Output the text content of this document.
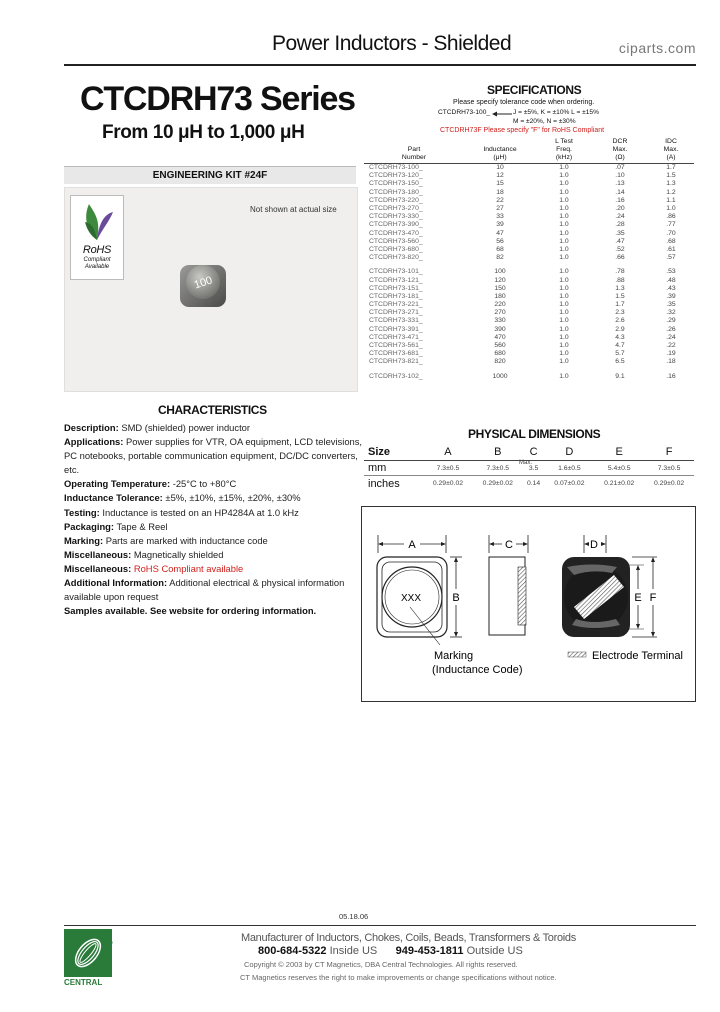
Power Inductors - Shielded	ciparts.com
CTCDRH73 Series
From 10 μH to 1,000 μH
ENGINEERING KIT #24F
RoHS
Compliant Available
Not shown at actual size
100
CHARACTERISTICS
Description: SMD (shielded) power inductor
Applications: Power supplies for VTR, OA equipment, LCD televisions, PC notebooks, portable communication equipment, DC/DC converters, etc.
Operating Temperature: -25°C to +80°C
Inductance Tolerance: ±5%, ±10%, ±15%, ±20%, ±30%
Testing: Inductance is tested on an HP4284A at 1.0 kHz
Packaging: Tape & Reel
Marking: Parts are marked with inductance code
Miscellaneous: Magnetically shielded
Miscellaneous: RoHS Compliant available
Additional Information: Additional electrical & physical information available upon request
Samples available. See website for ordering information.
SPECIFICATIONS
Please specify tolerance code when ordering.
CTCDRH73-100_	J = ±5%, K = ±10% L = ±15%
M = ±20%, N = ±30%
CTCDRH73F Please specify "F" for RoHS Compliant
		L Test	DCR	IDC
Part	Inductance	Freq.	Max.	Max.
Number	(μH)	(kHz)	(Ω)	(A)
CTCDRH73-100_	10	1.0	.07	1.7
CTCDRH73-120_	12	1.0	.10	1.5
CTCDRH73-150_	15	1.0	.13	1.3
CTCDRH73-180_	18	1.0	.14	1.2
CTCDRH73-220_	22	1.0	.16	1.1
CTCDRH73-270_	27	1.0	.20	1.0
CTCDRH73-330_	33	1.0	.24	.86
CTCDRH73-390_	39	1.0	.28	.77
CTCDRH73-470_	47	1.0	.35	.70
CTCDRH73-560_	56	1.0	.47	.68
CTCDRH73-680_	68	1.0	.52	.61
CTCDRH73-820_	82	1.0	.66	.57

CTCDRH73-101_	100	1.0	.78	.53
CTCDRH73-121_	120	1.0	.88	.48
CTCDRH73-151_	150	1.0	1.3	.43
CTCDRH73-181_	180	1.0	1.5	.39
CTCDRH73-221_	220	1.0	1.7	.35
CTCDRH73-271_	270	1.0	2.3	.32
CTCDRH73-331_	330	1.0	2.6	.29
CTCDRH73-391_	390	1.0	2.9	.26
CTCDRH73-471_	470	1.0	4.3	.24
CTCDRH73-561_	560	1.0	4.7	.22
CTCDRH73-681_	680	1.0	5.7	.19
CTCDRH73-821_	820	1.0	6.5	.18

CTCDRH73-102_	1000	1.0	9.1	.16
PHYSICAL DIMENSIONS
Size	A	B	C	D	E	F
mm	7.3±0.5	7.3±0.5	3.5	1.6±0.5	5.4±0.5	7.3±0.5
inches	0.29±0.02	0.29±0.02	0.14	0.07±0.02	0.21±0.02	0.29±0.02
Max.
A
XXX	B
Marking
(Inductance Code)
C	D
E F
Electrode Terminal
05.18.06
CENTRAL
Technologies	Manufacturer of Inductors, Chokes, Coils, Beads, Transformers & Toroids
800-684-5322 Inside US 949-453-1811 Outside US
Copyright © 2003 by CT Magnetics, DBA Central Technologies. All rights reserved.
CT Magnetics reserves the right to make improvements or change specifications without notice.
